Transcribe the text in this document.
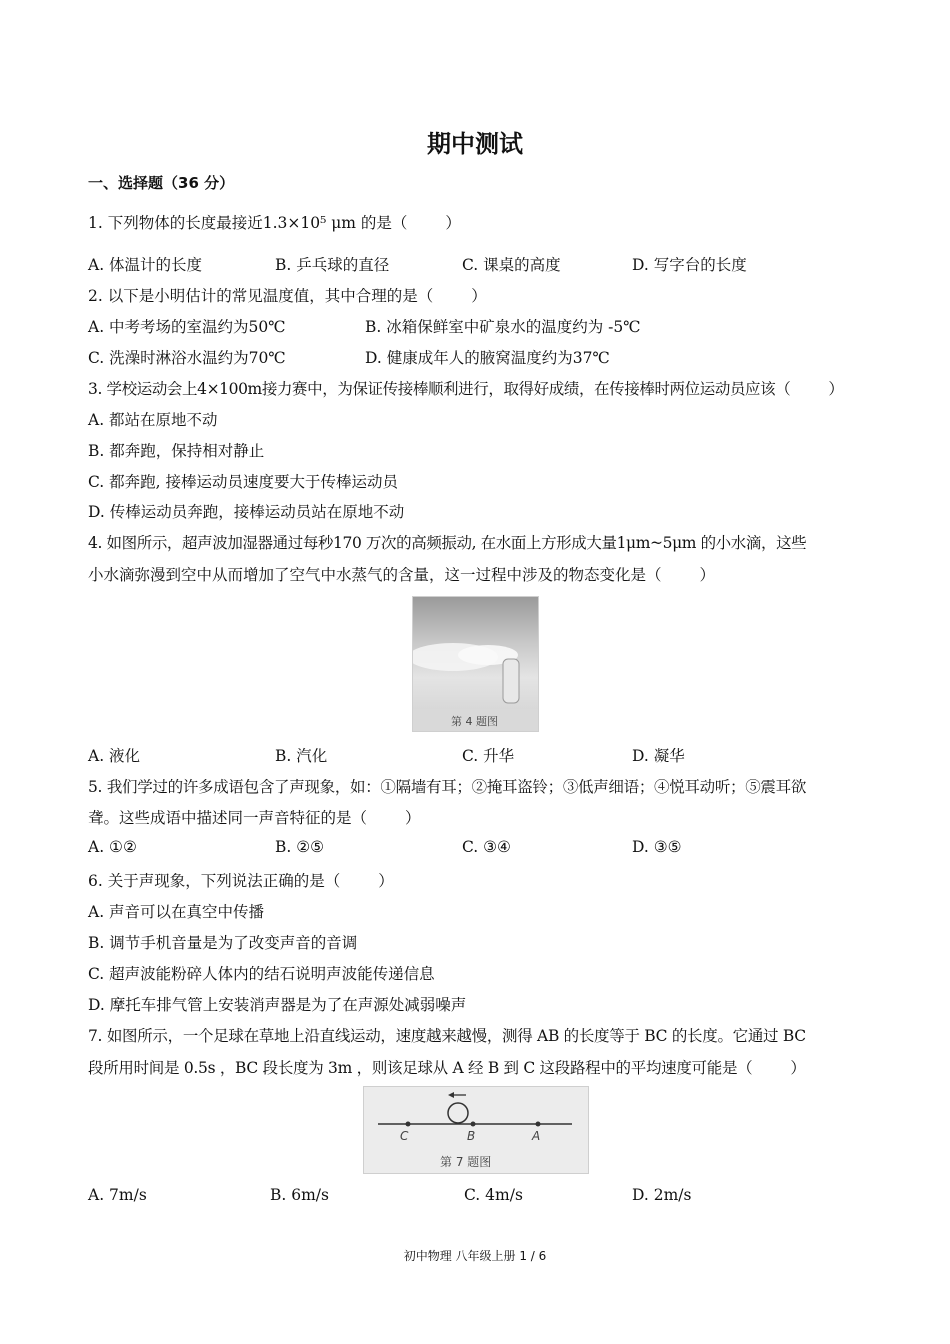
期中测试
一、选择题（36 分）
1. 下列物体的长度最接近1.3×10⁵ μm 的是（ ）
A. 体温计的长度	B. 乒乓球的直径	C. 课桌的高度	D. 写字台的长度
2. 以下是小明估计的常见温度值，其中合理的是（ ）
A. 中考考场的室温约为50℃	B. 冰箱保鲜室中矿泉水的温度约为 -5℃
C. 洗澡时淋浴水温约为70℃	D. 健康成年人的腋窝温度约为37℃
3. 学校运动会上4×100m接力赛中，为保证传接棒顺利进行，取得好成绩，在传接棒时两位运动员应该（ ）
A. 都站在原地不动
B. 都奔跑，保持相对静止
C. 都奔跑, 接棒运动员速度要大于传棒运动员
D. 传棒运动员奔跑，接棒运动员站在原地不动
4. 如图所示，超声波加湿器通过每秒170 万次的高频振动, 在水面上方形成大量1μm~5μm 的小水滴，这些
小水滴弥漫到空中从而增加了空气中水蒸气的含量，这一过程中涉及的物态变化是（ ）
第 4 题图
A. 液化	B. 汽化	C. 升华	D. 凝华
5. 我们学过的许多成语包含了声现象，如：①隔墙有耳；②掩耳盗铃；③低声细语；④悦耳动听；⑤震耳欲
聋。这些成语中描述同一声音特征的是（ ）
A. ①②	B. ②⑤	C. ③④	D. ③⑤
6. 关于声现象，下列说法正确的是（ ）
A. 声音可以在真空中传播
B. 调节手机音量是为了改变声音的音调
C. 超声波能粉碎人体内的结石说明声波能传递信息
D. 摩托车排气管上安装消声器是为了在声源处减弱噪声
7. 如图所示，一个足球在草地上沿直线运动，速度越来越慢，测得 AB 的长度等于 BC 的长度。它通过 BC
段所用时间是 0.5s ，BC 段长度为 3m ，则该足球从 A 经 B 到 C 这段路程中的平均速度可能是（ ）
C	B	A
第 7 题图
A. 7m/s	B. 6m/s	C. 4m/s	D. 2m/s
初中物理 八年级上册 1 / 6
